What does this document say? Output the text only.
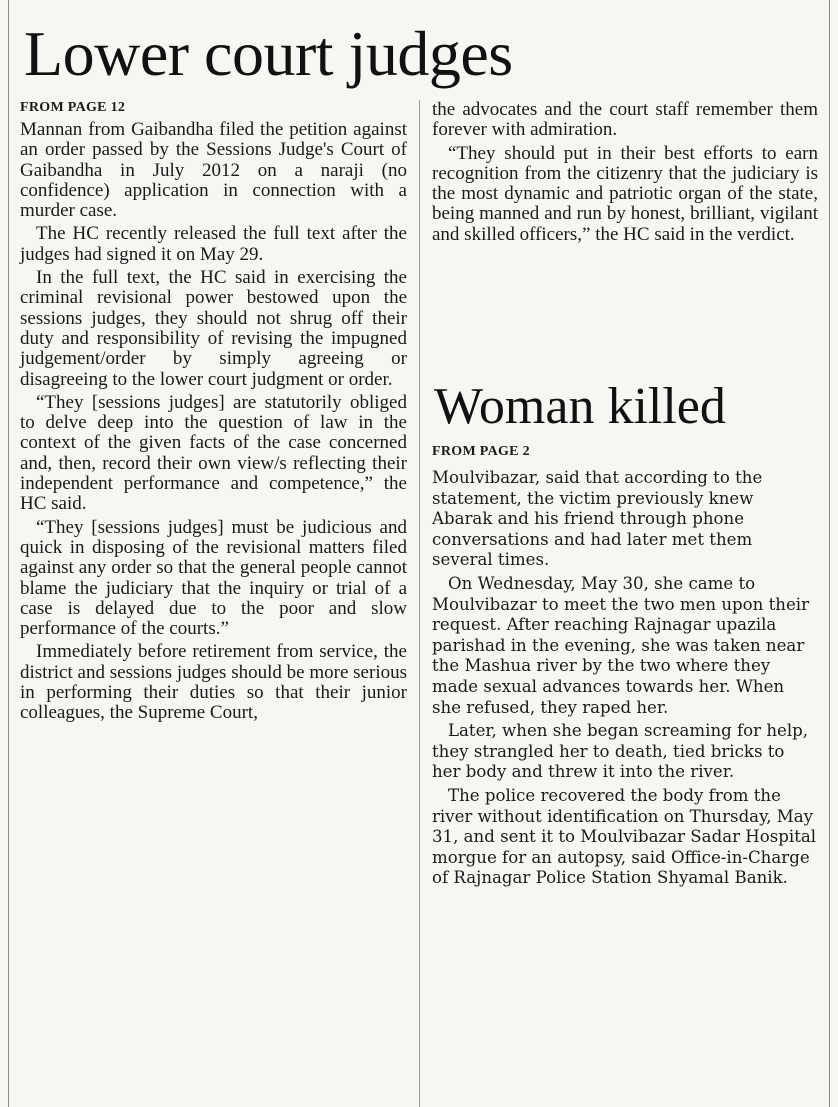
Lower court judges

FROM PAGE 12

Mannan from Gaibandha filed the petition against an order passed by the Sessions Judge's Court of Gaibandha in July 2012 on a naraji (no confidence) application in connection with a murder case.

The HC recently released the full text after the judges had signed it on May 29.

In the full text, the HC said in exercising the criminal revisional power bestowed upon the sessions judges, they should not shrug off their duty and responsibility of revising the impugned judgement/order by simply agreeing or disagreeing to the lower court judgment or order.

“They [sessions judges] are statutorily obliged to delve deep into the question of law in the context of the given facts of the case concerned and, then, record their own view/s reflecting their independent performance and competence,” the HC said.

“They [sessions judges] must be judicious and quick in disposing of the revisional matters filed against any order so that the general people cannot blame the judiciary that the inquiry or trial of a case is delayed due to the poor and slow performance of the courts.”

Immediately before retirement from service, the district and sessions judges should be more serious in performing their duties so that their junior colleagues, the Supreme Court,

the advocates and the court staff remember them forever with admiration.

“They should put in their best efforts to earn recognition from the citizenry that the judiciary is the most dynamic and patriotic organ of the state, being manned and run by honest, brilliant, vigilant and skilled officers,” the HC said in the verdict.

Woman killed

FROM PAGE 2

Moulvibazar, said that according to the statement, the victim previously knew Abarak and his friend through phone conversations and had later met them several times.

On Wednesday, May 30, she came to Moulvibazar to meet the two men upon their request. After reaching Rajnagar upazila parishad in the evening, she was taken near the Mashua river by the two where they made sexual advances towards her. When she refused, they raped her.

Later, when she began screaming for help, they strangled her to death, tied bricks to her body and threw it into the river.

The police recovered the body from the river without identification on Thursday, May 31, and sent it to Moulvibazar Sadar Hospital morgue for an autopsy, said Office-in-Charge of Rajnagar Police Station Shyamal Banik.
